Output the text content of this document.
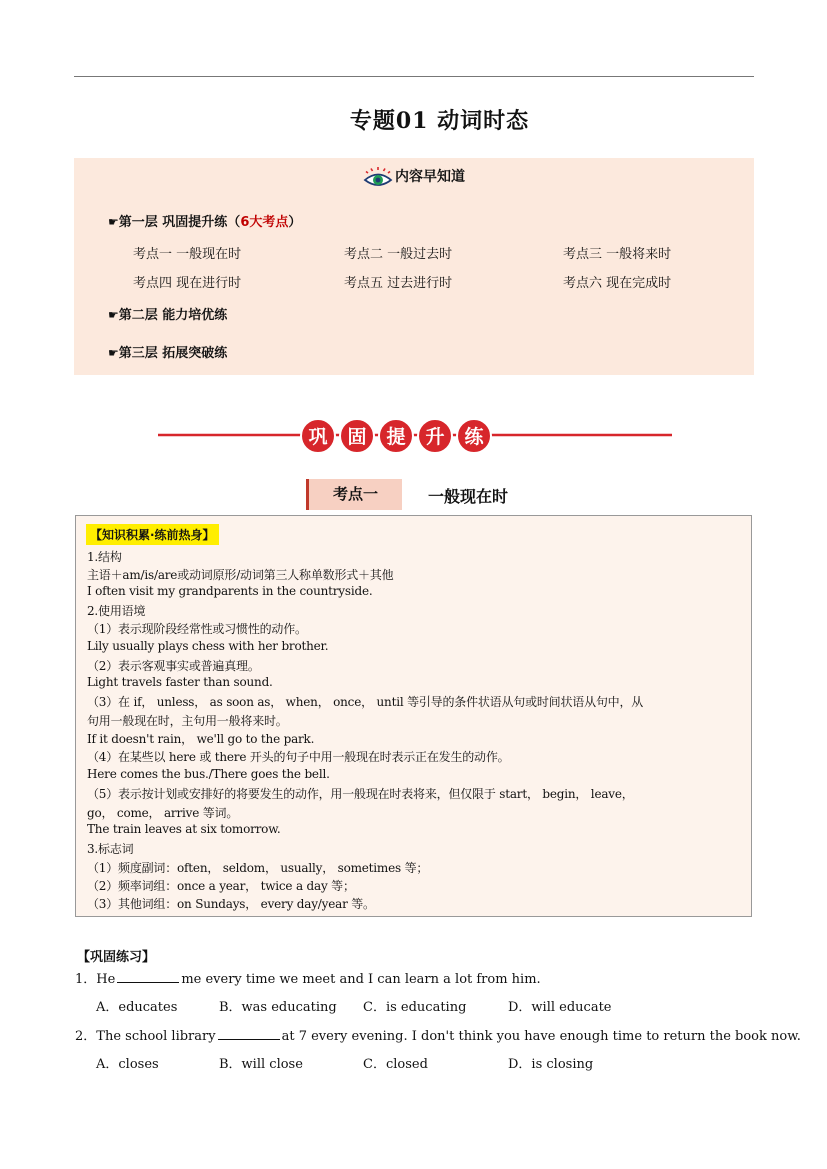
专题01 动词时态
内容早知道
☛第一层 巩固提升练（6大考点）
考点一 一般现在时	考点二 一般过去时	考点三 一般将来时
考点四 现在进行时	考点五 过去进行时	考点六 现在完成时
☛第二层 能力培优练
☛第三层 拓展突破练
巩 固 提 升 练
考点一	一般现在时
【知识积累·练前热身】
1.结构
主语＋am/is/are或动词原形/动词第三人称单数形式＋其他
I often visit my grandparents in the countryside.
2.使用语境
（1）表示现阶段经常性或习惯性的动作。
Lily usually plays chess with her brother.
（2）表示客观事实或普遍真理。
Light travels faster than sound.
（3）在 if， unless， as soon as， when， once， until 等引导的条件状语从句或时间状语从句中，从
句用一般现在时，主句用一般将来时。
If it doesn't rain， we'll go to the park.
（4）在某些以 here 或 there 开头的句子中用一般现在时表示正在发生的动作。
Here comes the bus./There goes the bell.
（5）表示按计划或安排好的将要发生的动作，用一般现在时表将来，但仅限于 start， begin， leave，
go， come， arrive 等词。
The train leaves at six tomorrow.
3.标志词
（1）频度副词：often， seldom， usually， sometimes 等；
（2）频率词组：once a year， twice a day 等；
（3）其他词组：on Sundays， every day/year 等。
【巩固练习】
1．He	me every time we meet and I can learn a lot from him.
A．educates	B．was educating C．is educating	D．will educate
2．The school library	at 7 every evening. I don't think you have enough time to return the book now.
A．closes	B．will close	C．closed	D．is closing
